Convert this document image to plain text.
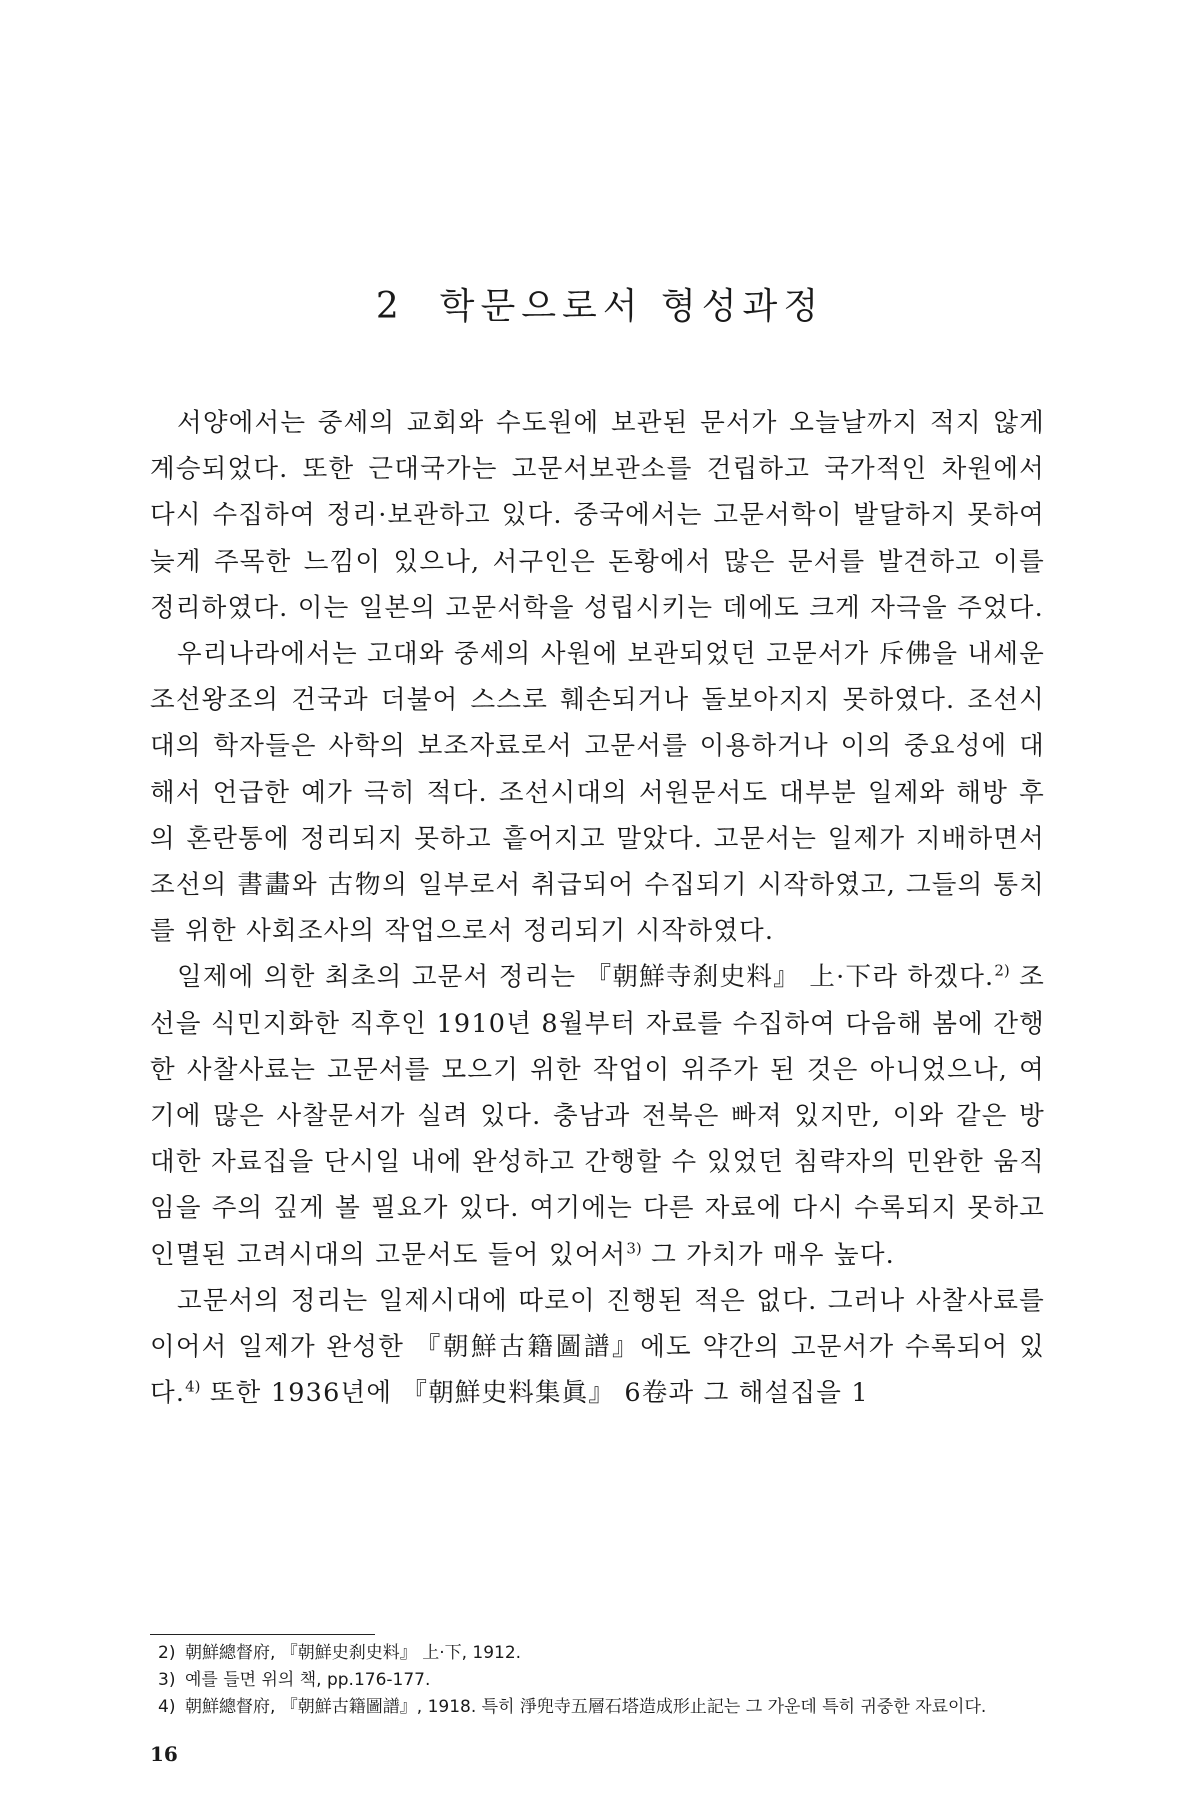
2 학문으로서 형성과정

서양에서는 중세의 교회와 수도원에 보관된 문서가 오늘날까지 적지 않게 계승되었다. 또한 근대국가는 고문서보관소를 건립하고 국가적인 차원에서 다시 수집하여 정리·보관하고 있다. 중국에서는 고문서학이 발달하지 못하여 늦게 주목한 느낌이 있으나, 서구인은 돈황에서 많은 문서를 발견하고 이를 정리하였다. 이는 일본의 고문서학을 성립시키는 데에도 크게 자극을 주었다.

우리나라에서는 고대와 중세의 사원에 보관되었던 고문서가 斥佛을 내세운 조선왕조의 건국과 더불어 스스로 훼손되거나 돌보아지지 못하였다. 조선시대의 학자들은 사학의 보조자료로서 고문서를 이용하거나 이의 중요성에 대해서 언급한 예가 극히 적다. 조선시대의 서원문서도 대부분 일제와 해방 후의 혼란통에 정리되지 못하고 흩어지고 말았다. 고문서는 일제가 지배하면서 조선의 書畵와 古物의 일부로서 취급되어 수집되기 시작하였고, 그들의 통치를 위한 사회조사의 작업으로서 정리되기 시작하였다.

일제에 의한 최초의 고문서 정리는 『朝鮮寺刹史料』 上·下라 하겠다.$^{2)}$ 조선을 식민지화한 직후인 1910년 8월부터 자료를 수집하여 다음해 봄에 간행한 사찰사료는 고문서를 모으기 위한 작업이 위주가 된 것은 아니었으나, 여기에 많은 사찰문서가 실려 있다. 충남과 전북은 빠져 있지만, 이와 같은 방대한 자료집을 단시일 내에 완성하고 간행할 수 있었던 침략자의 민완한 움직임을 주의 깊게 볼 필요가 있다. 여기에는 다른 자료에 다시 수록되지 못하고 인멸된 고려시대의 고문서도 들어 있어서$^{3)}$ 그 가치가 매우 높다.

고문서의 정리는 일제시대에 따로이 진행된 적은 없다. 그러나 사찰사료를 이어서 일제가 완성한 『朝鮮古籍圖譜』에도 약간의 고문서가 수록되어 있다.$^{4)}$ 또한 1936년에 『朝鮮史料集眞』 6卷과 그 해설집을 1

2) 朝鮮總督府, 『朝鮮史刹史料』 上·下, 1912.
3) 예를 들면 위의 책, pp.176-177.
4) 朝鮮總督府, 『朝鮮古籍圖譜』, 1918. 특히 淨兜寺五層石塔造成形止記는 그 가운데 특히 귀중한 자료이다.
16
